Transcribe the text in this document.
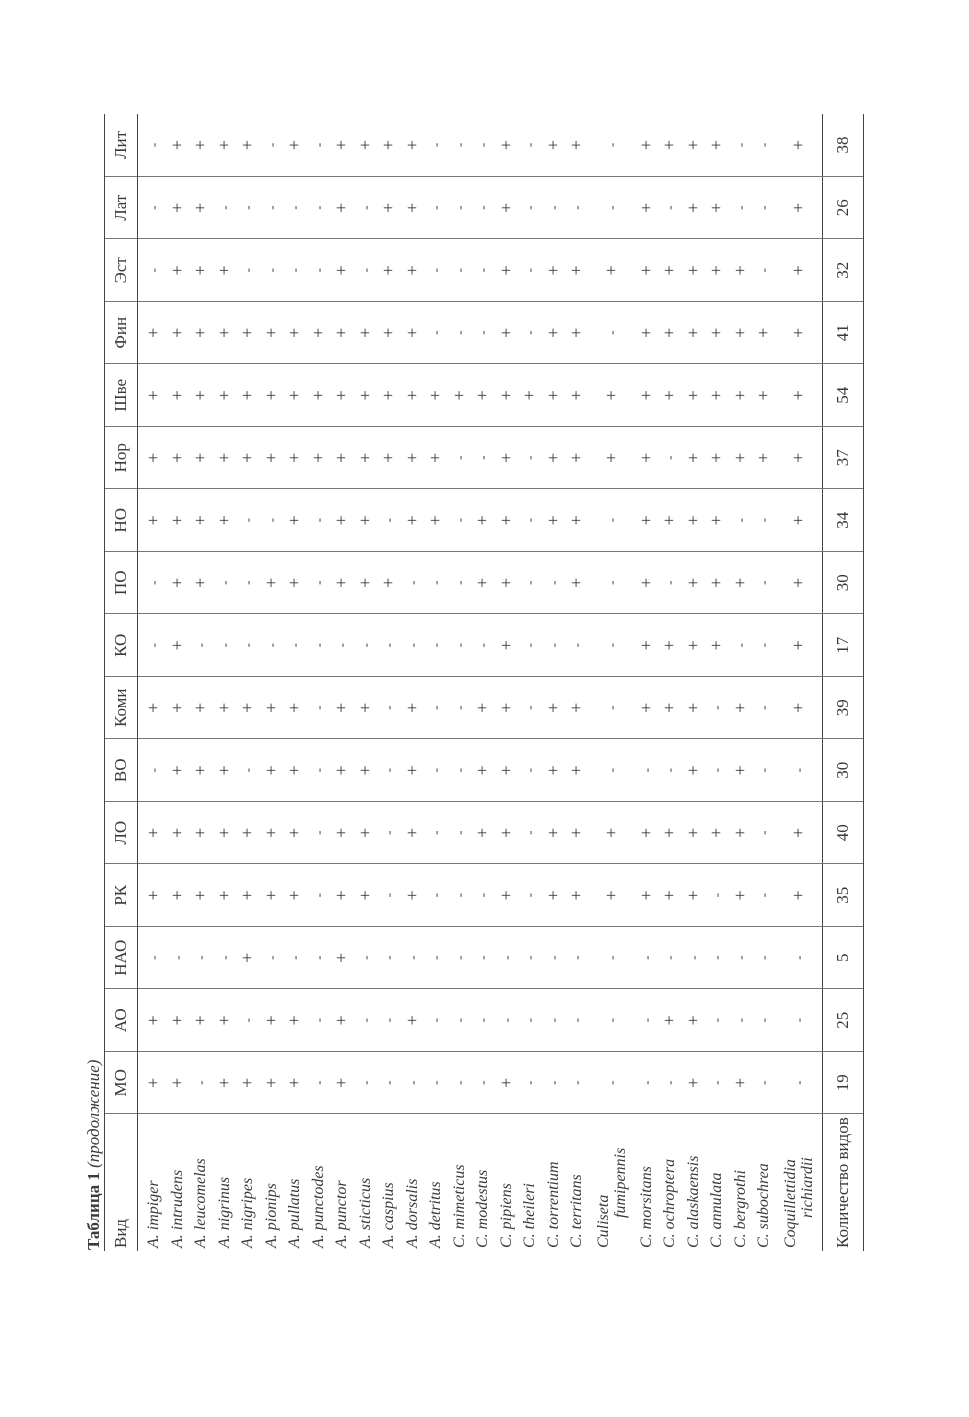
Таблица 1 (продолжение)
Вид	МО	АО	НАО	РК	ЛО	ВО	Коми	КО	ПО	НО	Нор	Шве	Фин	Эст	Лат	Лит
A. impiger	+	+	-	+	+	-	+	-	-	+	+	+	+	-	-	-
A. intrudens	+	+	-	+	+	+	+	+	+	+	+	+	+	+	+	+
A. leucomelas	-	+	-	+	+	+	+	-	+	+	+	+	+	+	+	+
A. nigrinus	+	+	-	+	+	+	+	-	-	+	+	+	+	+	-	+
A. nigripes	+	-	+	+	+	-	+	-	-	-	+	+	+	-	-	+
A. pionips	+	+	-	+	+	+	+	-	+	-	+	+	+	-	-	-
A. pullatus	+	+	-	+	+	+	+	-	+	+	+	+	+	-	-	+
A. punctodes	-	-	-	-	-	-	-	-	-	-	+	+	+	-	-	-
A. punctor	+	+	+	+	+	+	+	-	+	+	+	+	+	+	+	+
A. sticticus	-	-	-	+	+	+	+	-	+	+	+	+	+	-	-	+
A. caspius	-	-	-	-	-	-	-	-	+	-	+	+	+	+	+	+
A. dorsalis	-	+	-	+	+	+	+	-	-	+	+	+	+	+	+	+
A. detritus	-	-	-	-	-	-	-	-	-	+	+	+	-	-	-	-
C. mimeticus	-	-	-	-	-	-	-	-	-	-	-	+	-	-	-	-
C. modestus	-	-	-	-	+	+	+	-	+	+	-	+	-	-	-	-
C. pipiens	+	-	-	+	+	+	+	+	+	+	+	+	+	+	+	+
C. theileri	-	-	-	-	-	-	-	-	-	-	-	+	-	-	-	-
C. torrentium	-	-	-	+	+	+	+	-	-	+	+	+	+	+	-	+
C. territans	-	-	-	+	+	+	+	-	+	+	+	+	+	+	-	+
Culiseta
fumipennis	-	-	-	+	+	-	-	-	-	-	+	+	-	+	-	-
C. morsitans	-	-	-	+	+	-	+	+	+	+	+	+	+	+	+	+
C. ochroptera	-	+	-	+	+	-	+	+	-	+	-	+	+	+	-	+
C. alaskaensis	+	+	-	+	+	+	+	+	+	+	+	+	+	+	+	+
C. annulata	-	-	-	-	+	-	-	+	+	+	+	+	+	+	+	+
C. bergrothi	+	-	-	+	+	+	+	-	+	-	+	+	+	+	-	-
C. subochrea	-	-	-	-	-	-	-	-	-	-	+	+	+	-	-	-
Coquillettidia richiardii	-	-	-	+	+	-	+	+	+	+	+	+	+	+	+	+
Количество видов	19	25	5	35	40	30	39	17	30	34	37	54	41	32	26	38
